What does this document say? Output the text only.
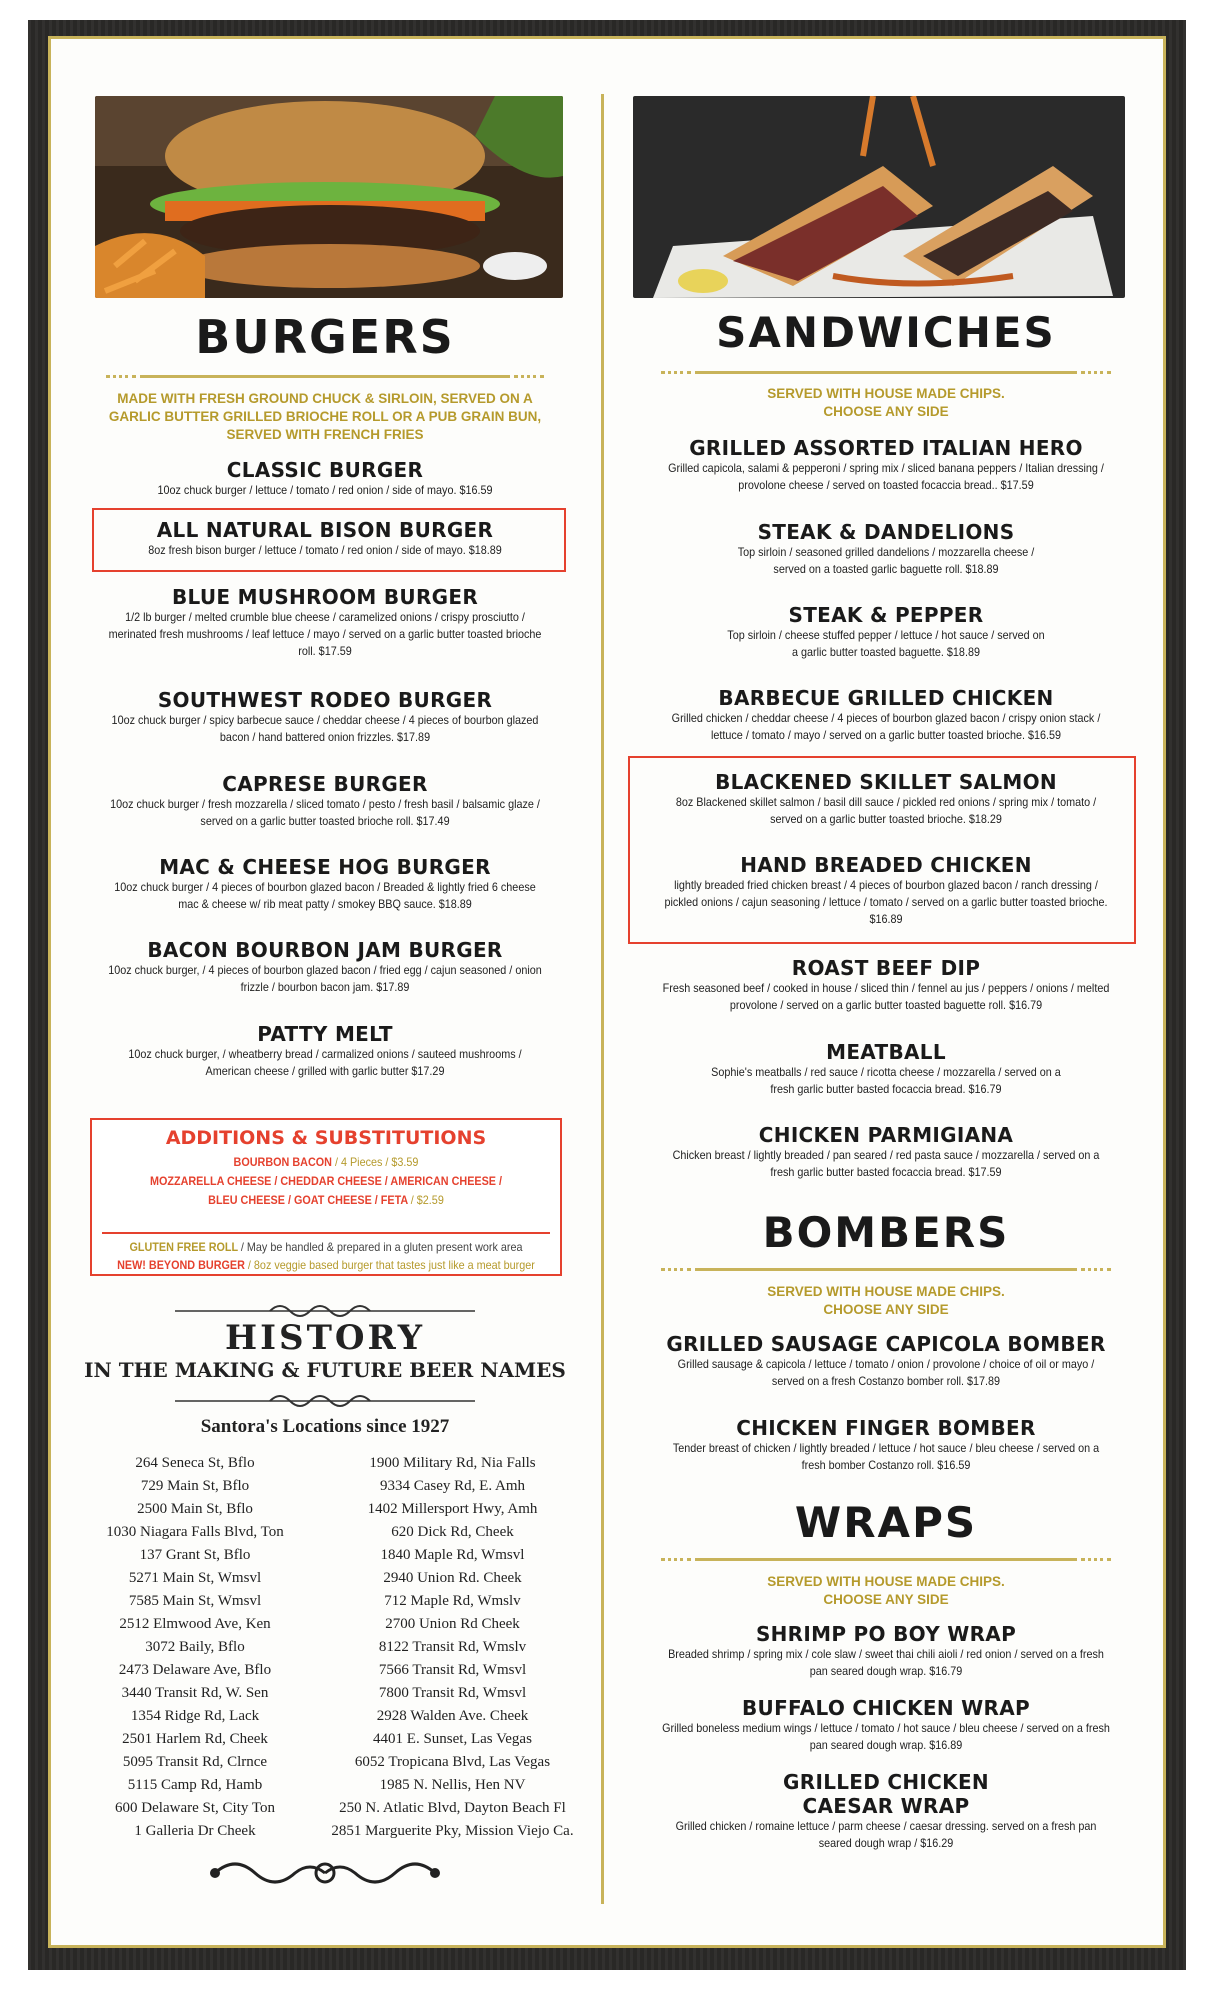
BURGERS
MADE WITH FRESH GROUND CHUCK & SIRLOIN, SERVED ON A GARLIC BUTTER GRILLED BRIOCHE ROLL OR A PUB GRAIN BUN, SERVED WITH FRENCH FRIES
CLASSIC BURGER
10oz chuck burger / lettuce / tomato / red onion / side of mayo. $16.59
ALL NATURAL BISON BURGER
8oz fresh bison burger / lettuce / tomato / red onion / side of mayo. $18.89
BLUE MUSHROOM BURGER
1/2 lb burger / melted crumble blue cheese / caramelized onions / crispy prosciutto / merinated fresh mushrooms / leaf lettuce / mayo / served on a garlic butter toasted brioche roll. $17.59
SOUTHWEST RODEO BURGER
10oz chuck burger / spicy barbecue sauce / cheddar cheese / 4 pieces of bourbon glazed bacon / hand battered onion frizzles. $17.89
CAPRESE BURGER
10oz chuck burger / fresh mozzarella / sliced tomato / pesto / fresh basil / balsamic glaze / served on a garlic butter toasted brioche roll. $17.49
MAC & CHEESE HOG BURGER
10oz chuck burger / 4 pieces of bourbon glazed bacon / Breaded & lightly fried 6 cheese mac & cheese w/ rib meat patty / smokey BBQ sauce. $18.89
BACON BOURBON JAM BURGER
10oz chuck burger, / 4 pieces of bourbon glazed bacon / fried egg / cajun seasoned / onion frizzle / bourbon bacon jam. $17.89
PATTY MELT
10oz chuck burger, / wheatberry bread / carmalized onions / sauteed mushrooms / American cheese / grilled with garlic butter $17.29
ADDITIONS & SUBSTITUTIONS
BOURBON BACON / 4 Pieces / $3.59
MOZZARELLA CHEESE / CHEDDAR CHEESE / AMERICAN CHEESE /
BLEU CHEESE / GOAT CHEESE / FETA / $2.59
GLUTEN FREE ROLL / May be handled & prepared in a gluten present work area
NEW! BEYOND BURGER / 8oz veggie based burger that tastes just like a meat burger
HISTORY
IN THE MAKING & FUTURE BEER NAMES
Santora's Locations since 1927
264 Seneca St, Bflo
729 Main St, Bflo
2500 Main St, Bflo
1030 Niagara Falls Blvd, Ton
137 Grant St, Bflo
5271 Main St, Wmsvl
7585 Main St, Wmsvl
2512 Elmwood Ave, Ken
3072 Baily, Bflo
2473 Delaware Ave, Bflo
3440 Transit Rd, W. Sen
1354 Ridge Rd, Lack
2501 Harlem Rd, Cheek
5095 Transit Rd, Clrnce
5115 Camp Rd, Hamb
600 Delaware St, City Ton
1 Galleria Dr Cheek
1900 Military Rd, Nia Falls
9334 Casey Rd, E. Amh
1402 Millersport Hwy, Amh
620 Dick Rd, Cheek
1840 Maple Rd, Wmsvl
2940 Union Rd. Cheek
712 Maple Rd, Wmslv
2700 Union Rd Cheek
8122 Transit Rd, Wmslv
7566 Transit Rd, Wmsvl
7800 Transit Rd, Wmsvl
2928 Walden Ave. Cheek
4401 E. Sunset, Las Vegas
6052 Tropicana Blvd, Las Vegas
1985 N. Nellis, Hen NV
250 N. Atlatic Blvd, Dayton Beach Fl
2851 Marguerite Pky, Mission Viejo Ca.
SANDWICHES
SERVED WITH HOUSE MADE CHIPS. CHOOSE ANY SIDE
GRILLED ASSORTED ITALIAN HERO
Grilled capicola, salami & pepperoni / spring mix / sliced banana peppers / Italian dressing / provolone cheese / served on toasted focaccia bread.. $17.59
STEAK & DANDELIONS
Top sirloin / seasoned grilled dandelions / mozzarella cheese / served on a toasted garlic baguette roll. $18.89
STEAK & PEPPER
Top sirloin / cheese stuffed pepper / lettuce / hot sauce / served on a garlic butter toasted baguette. $18.89
BARBECUE GRILLED CHICKEN
Grilled chicken / cheddar cheese / 4 pieces of bourbon glazed bacon / crispy onion stack / lettuce / tomato / mayo / served on a garlic butter toasted brioche. $16.59
BLACKENED SKILLET SALMON
8oz Blackened skillet salmon / basil dill sauce / pickled red onions / spring mix / tomato / served on a garlic butter toasted brioche. $18.29
HAND BREADED CHICKEN
lightly breaded fried chicken breast / 4 pieces of bourbon glazed bacon / ranch dressing / pickled onions / cajun seasoning / lettuce / tomato / served on a garlic butter toasted brioche. $16.89
ROAST BEEF DIP
Fresh seasoned beef / cooked in house / sliced thin / fennel au jus / peppers / onions / melted provolone / served on a garlic butter toasted baguette roll. $16.79
MEATBALL
Sophie's meatballs / red sauce / ricotta cheese / mozzarella / served on a fresh garlic butter basted focaccia bread. $16.79
CHICKEN PARMIGIANA
Chicken breast / lightly breaded / pan seared / red pasta sauce / mozzarella / served on a fresh garlic butter basted focaccia bread. $17.59
BOMBERS
SERVED WITH HOUSE MADE CHIPS. CHOOSE ANY SIDE
GRILLED SAUSAGE CAPICOLA BOMBER
Grilled sausage & capicola / lettuce / tomato / onion / provolone / choice of oil or mayo / served on a fresh Costanzo bomber roll. $17.89
CHICKEN FINGER BOMBER
Tender breast of chicken / lightly breaded / lettuce / hot sauce / bleu cheese / served on a fresh bomber Costanzo roll. $16.59
WRAPS
SERVED WITH HOUSE MADE CHIPS. CHOOSE ANY SIDE
SHRIMP PO BOY WRAP
Breaded shrimp / spring mix / cole slaw / sweet thai chili aioli / red onion / served on a fresh pan seared dough wrap. $16.79
BUFFALO CHICKEN WRAP
Grilled boneless medium wings / lettuce / tomato / hot sauce / bleu cheese / served on a fresh pan seared dough wrap. $16.89
GRILLED CHICKEN CAESAR WRAP
Grilled chicken / romaine lettuce / parm cheese / caesar dressing. served on a fresh pan seared dough wrap / $16.29
